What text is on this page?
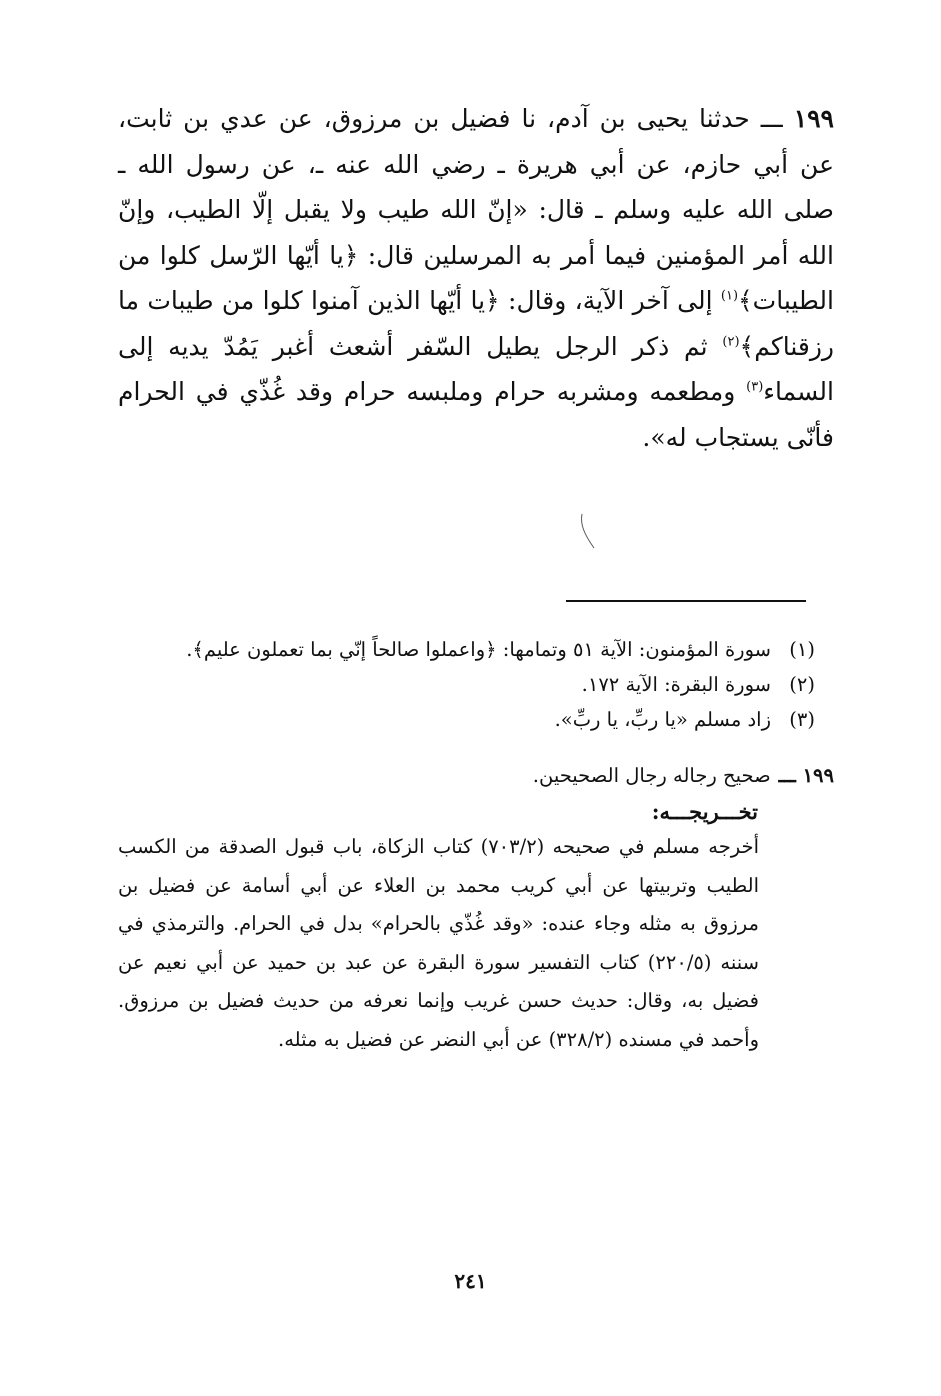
١٩٩ ـــ حدثنا يحيى بن آدم، نا فضيل بن مرزوق، عن عدي بن ثابت، عن أبي حازم، عن أبي هريرة ـ رضي الله عنه ـ، عن رسول الله ـ صلى الله عليه وسلم ـ قال: «إنّ الله طيب ولا يقبل إلّا الطيب، وإنّ الله أمر المؤمنين فيما أمر به المرسلين قال: ﴿يا أيّها الرّسل كلوا من الطيبات﴾$^{(١)}$ إلى آخر الآية، وقال: ﴿يا أيّها الذين آمنوا كلوا من طيبات ما رزقناكم﴾$^{(٢)}$ ثم ذكر الرجل يطيل السّفر أشعث أغبر يَمُدّ يديه إلى السماء$^{(٣)}$ ومطعمه ومشربه حرام وملبسه حرام وقد غُذّي في الحرام فأنّى يستجاب له».

(١)سورة المؤمنون: الآية ٥١ وتمامها: ﴿واعملوا صالحاً إنّي بما تعملون عليم﴾.
(٢)سورة البقرة: الآية ١٧٢.
(٣)زاد مسلم «يا ربِّ، يا ربِّ».
١٩٩ ـــصحيح رجاله رجال الصحيحين.
تخـــريجـــه:

أخرجه مسلم في صحيحه (٧٠٣/٢) كتاب الزكاة، باب قبول الصدقة من الكسب الطيب وتربيتها عن أبي كريب محمد بن العلاء عن أبي أسامة عن فضيل بن مرزوق به مثله وجاء عنده: «وقد غُذّي بالحرام» بدل في الحرام. والترمذي في سننه (٢٢٠/٥) كتاب التفسير سورة البقرة عن عبد بن حميد عن أبي نعيم عن فضيل به، وقال: حديث حسن غريب وإنما نعرفه من حديث فضيل بن مرزوق. وأحمد في مسنده (٣٢٨/٢) عن أبي النضر عن فضيل به مثله.

٢٤١
